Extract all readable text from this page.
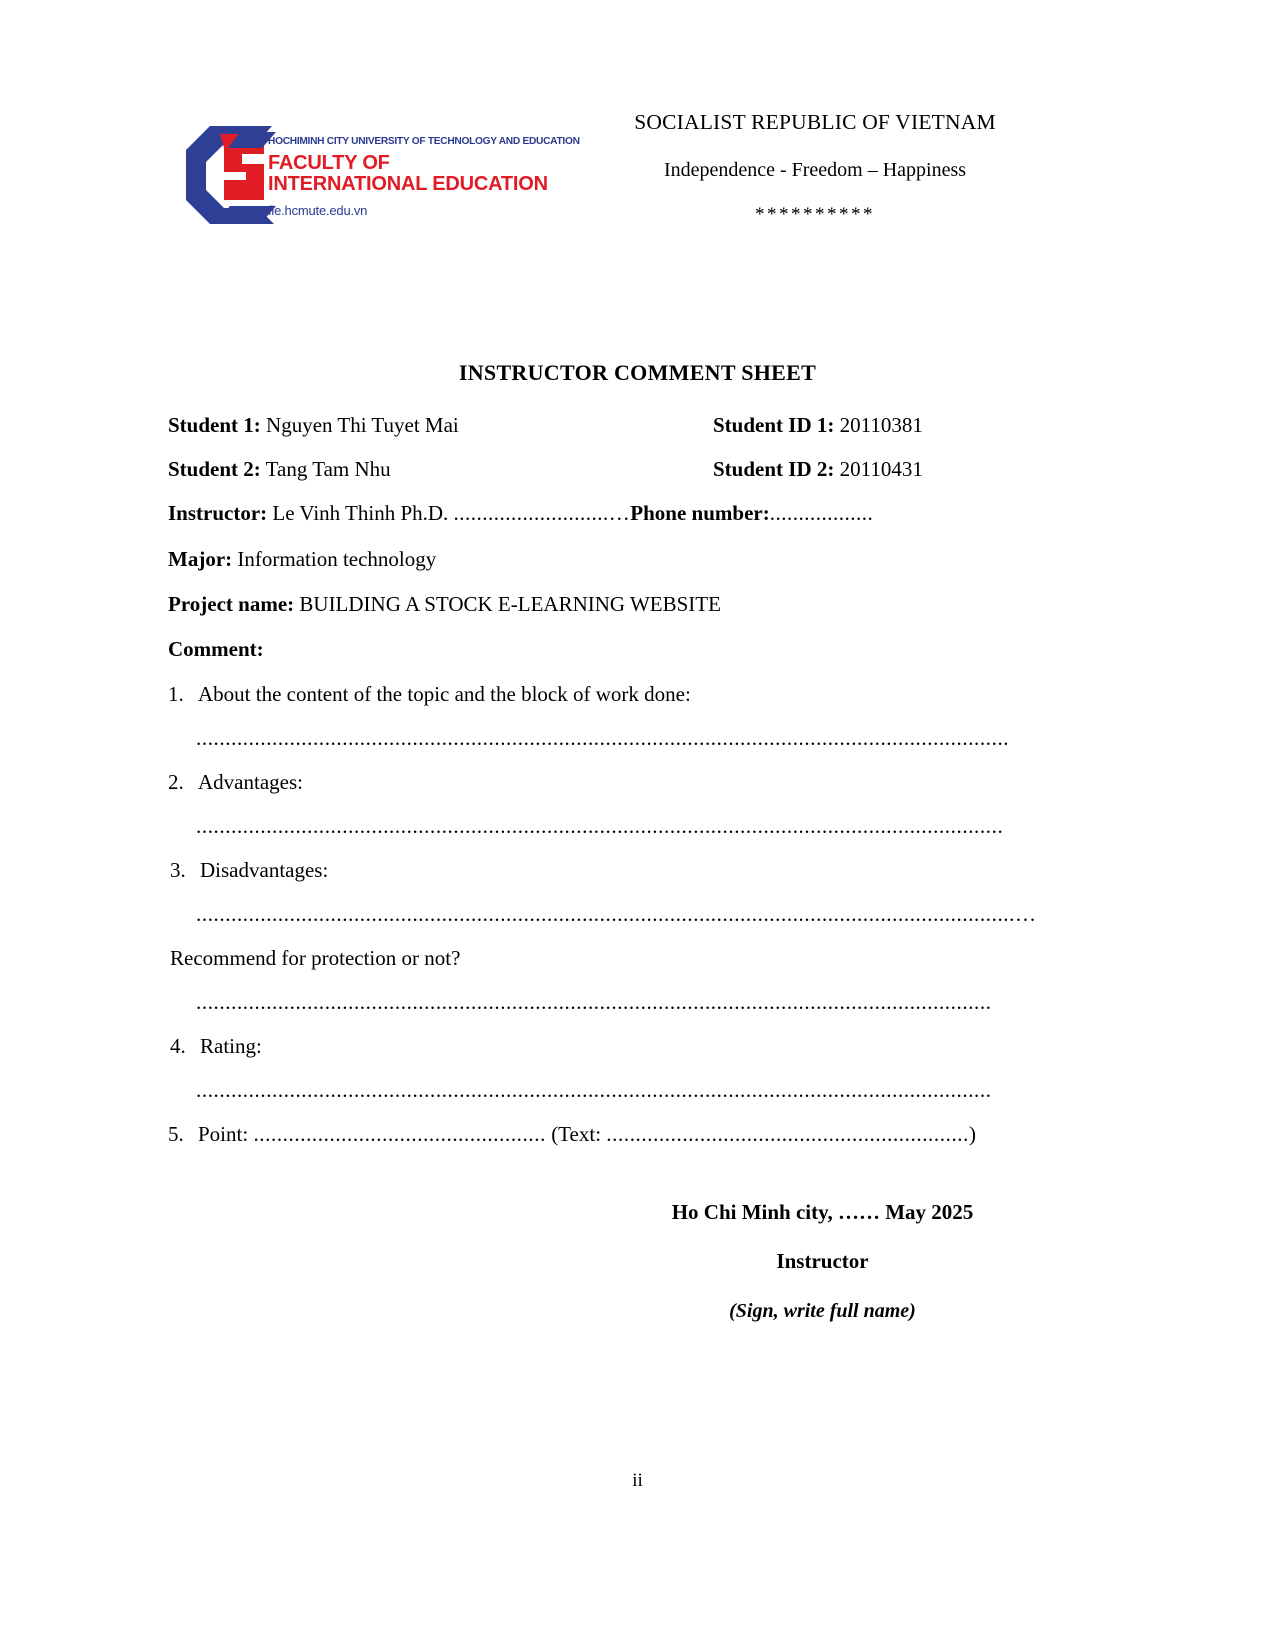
HOCHIMINH CITY UNIVERSITY OF TECHNOLOGY AND EDUCATION
FACULTY OF
INTERNATIONAL EDUCATION
fie.hcmute.edu.vn
SOCIALIST REPUBLIC OF VIETNAM
Independence - Freedom – Happiness
**********
INSTRUCTOR COMMENT SHEET
Student 1: Nguyen Thi Tuyet Mai	Student ID 1: 20110381
Student 2: Tang Tam Nhu	Student ID 2: 20110431
Instructor: Le Vinh Thinh Ph.D. ...........................…Phone number:..................
Major: Information technology
Project name: BUILDING A STOCK E-LEARNING WEBSITE
Comment:
1. About the content of the topic and the block of work done:
...........................................................................................................................................
2. Advantages:
..........................................................................................................................................
3. Disadvantages:
............................................................................................................................................…
Recommend for protection or not?
........................................................................................................................................
4. Rating:
........................................................................................................................................
5. Point: .................................................. (Text: ..............................................................)
Ho Chi Minh city, …… May 2025
Instructor
(Sign, write full name)
ii
